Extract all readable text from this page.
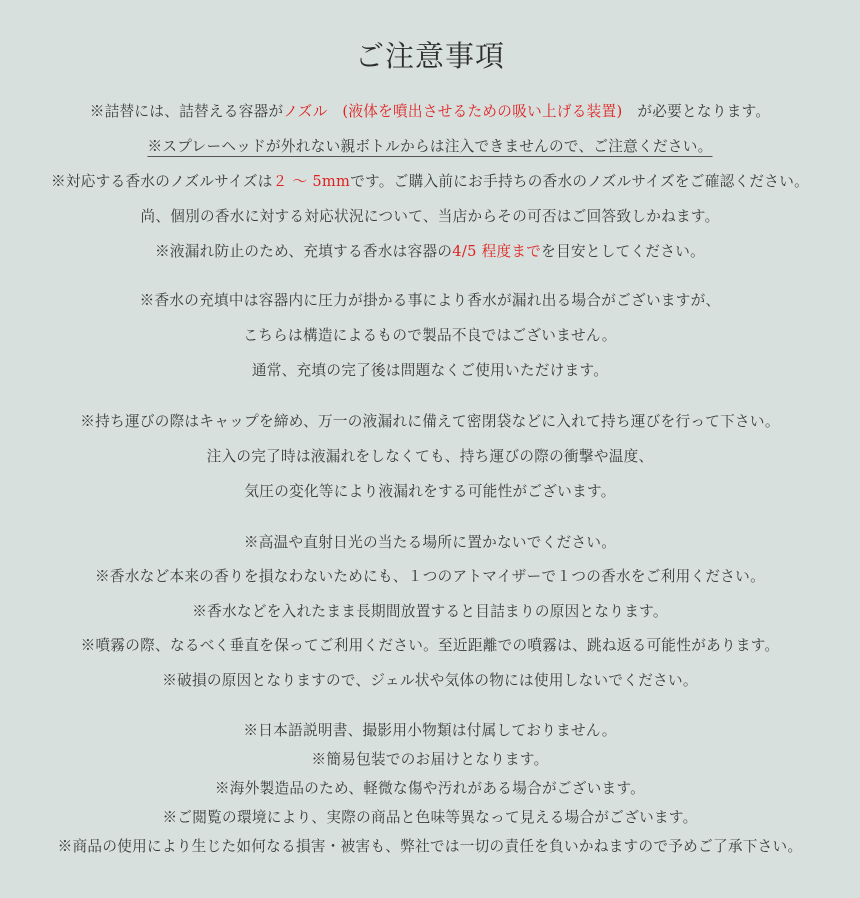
ご注意事項
※詰替には、詰替える容器がノズル　(液体を噴出させるための吸い上げる装置)　が必要となります。
※スプレーヘッドが外れない親ボトルからは注入できませんので、ご注意ください。
※対応する香水のノズルサイズは２ ～ 5mmです。ご購入前にお手持ちの香水のノズルサイズをご確認ください。
尚、個別の香水に対する対応状況について、当店からその可否はご回答致しかねます。
※液漏れ防止のため、充填する香水は容器の4/5 程度までを目安としてください。
※香水の充填中は容器内に圧力が掛かる事により香水が漏れ出る場合がございますが、
こちらは構造によるもので製品不良ではございません。
通常、充填の完了後は問題なくご使用いただけます。
※持ち運びの際はキャップを締め、万一の液漏れに備えて密閉袋などに入れて持ち運びを行って下さい。
注入の完了時は液漏れをしなくても、持ち運びの際の衝撃や温度、
気圧の変化等により液漏れをする可能性がございます。
※高温や直射日光の当たる場所に置かないでください。
※香水など本来の香りを損なわないためにも、１つのアトマイザーで１つの香水をご利用ください。
※香水などを入れたまま長期間放置すると目詰まりの原因となります。
※噴霧の際、なるべく垂直を保ってご利用ください。至近距離での噴霧は、跳ね返る可能性があります。
※破損の原因となりますので、ジェル状や気体の物には使用しないでください。
※日本語説明書、撮影用小物類は付属しておりません。
※簡易包装でのお届けとなります。
※海外製造品のため、軽微な傷や汚れがある場合がございます。
※ご閲覧の環境により、実際の商品と色味等異なって見える場合がございます。
※商品の使用により生じた如何なる損害・被害も、弊社では一切の責任を負いかねますので予めご了承下さい。
